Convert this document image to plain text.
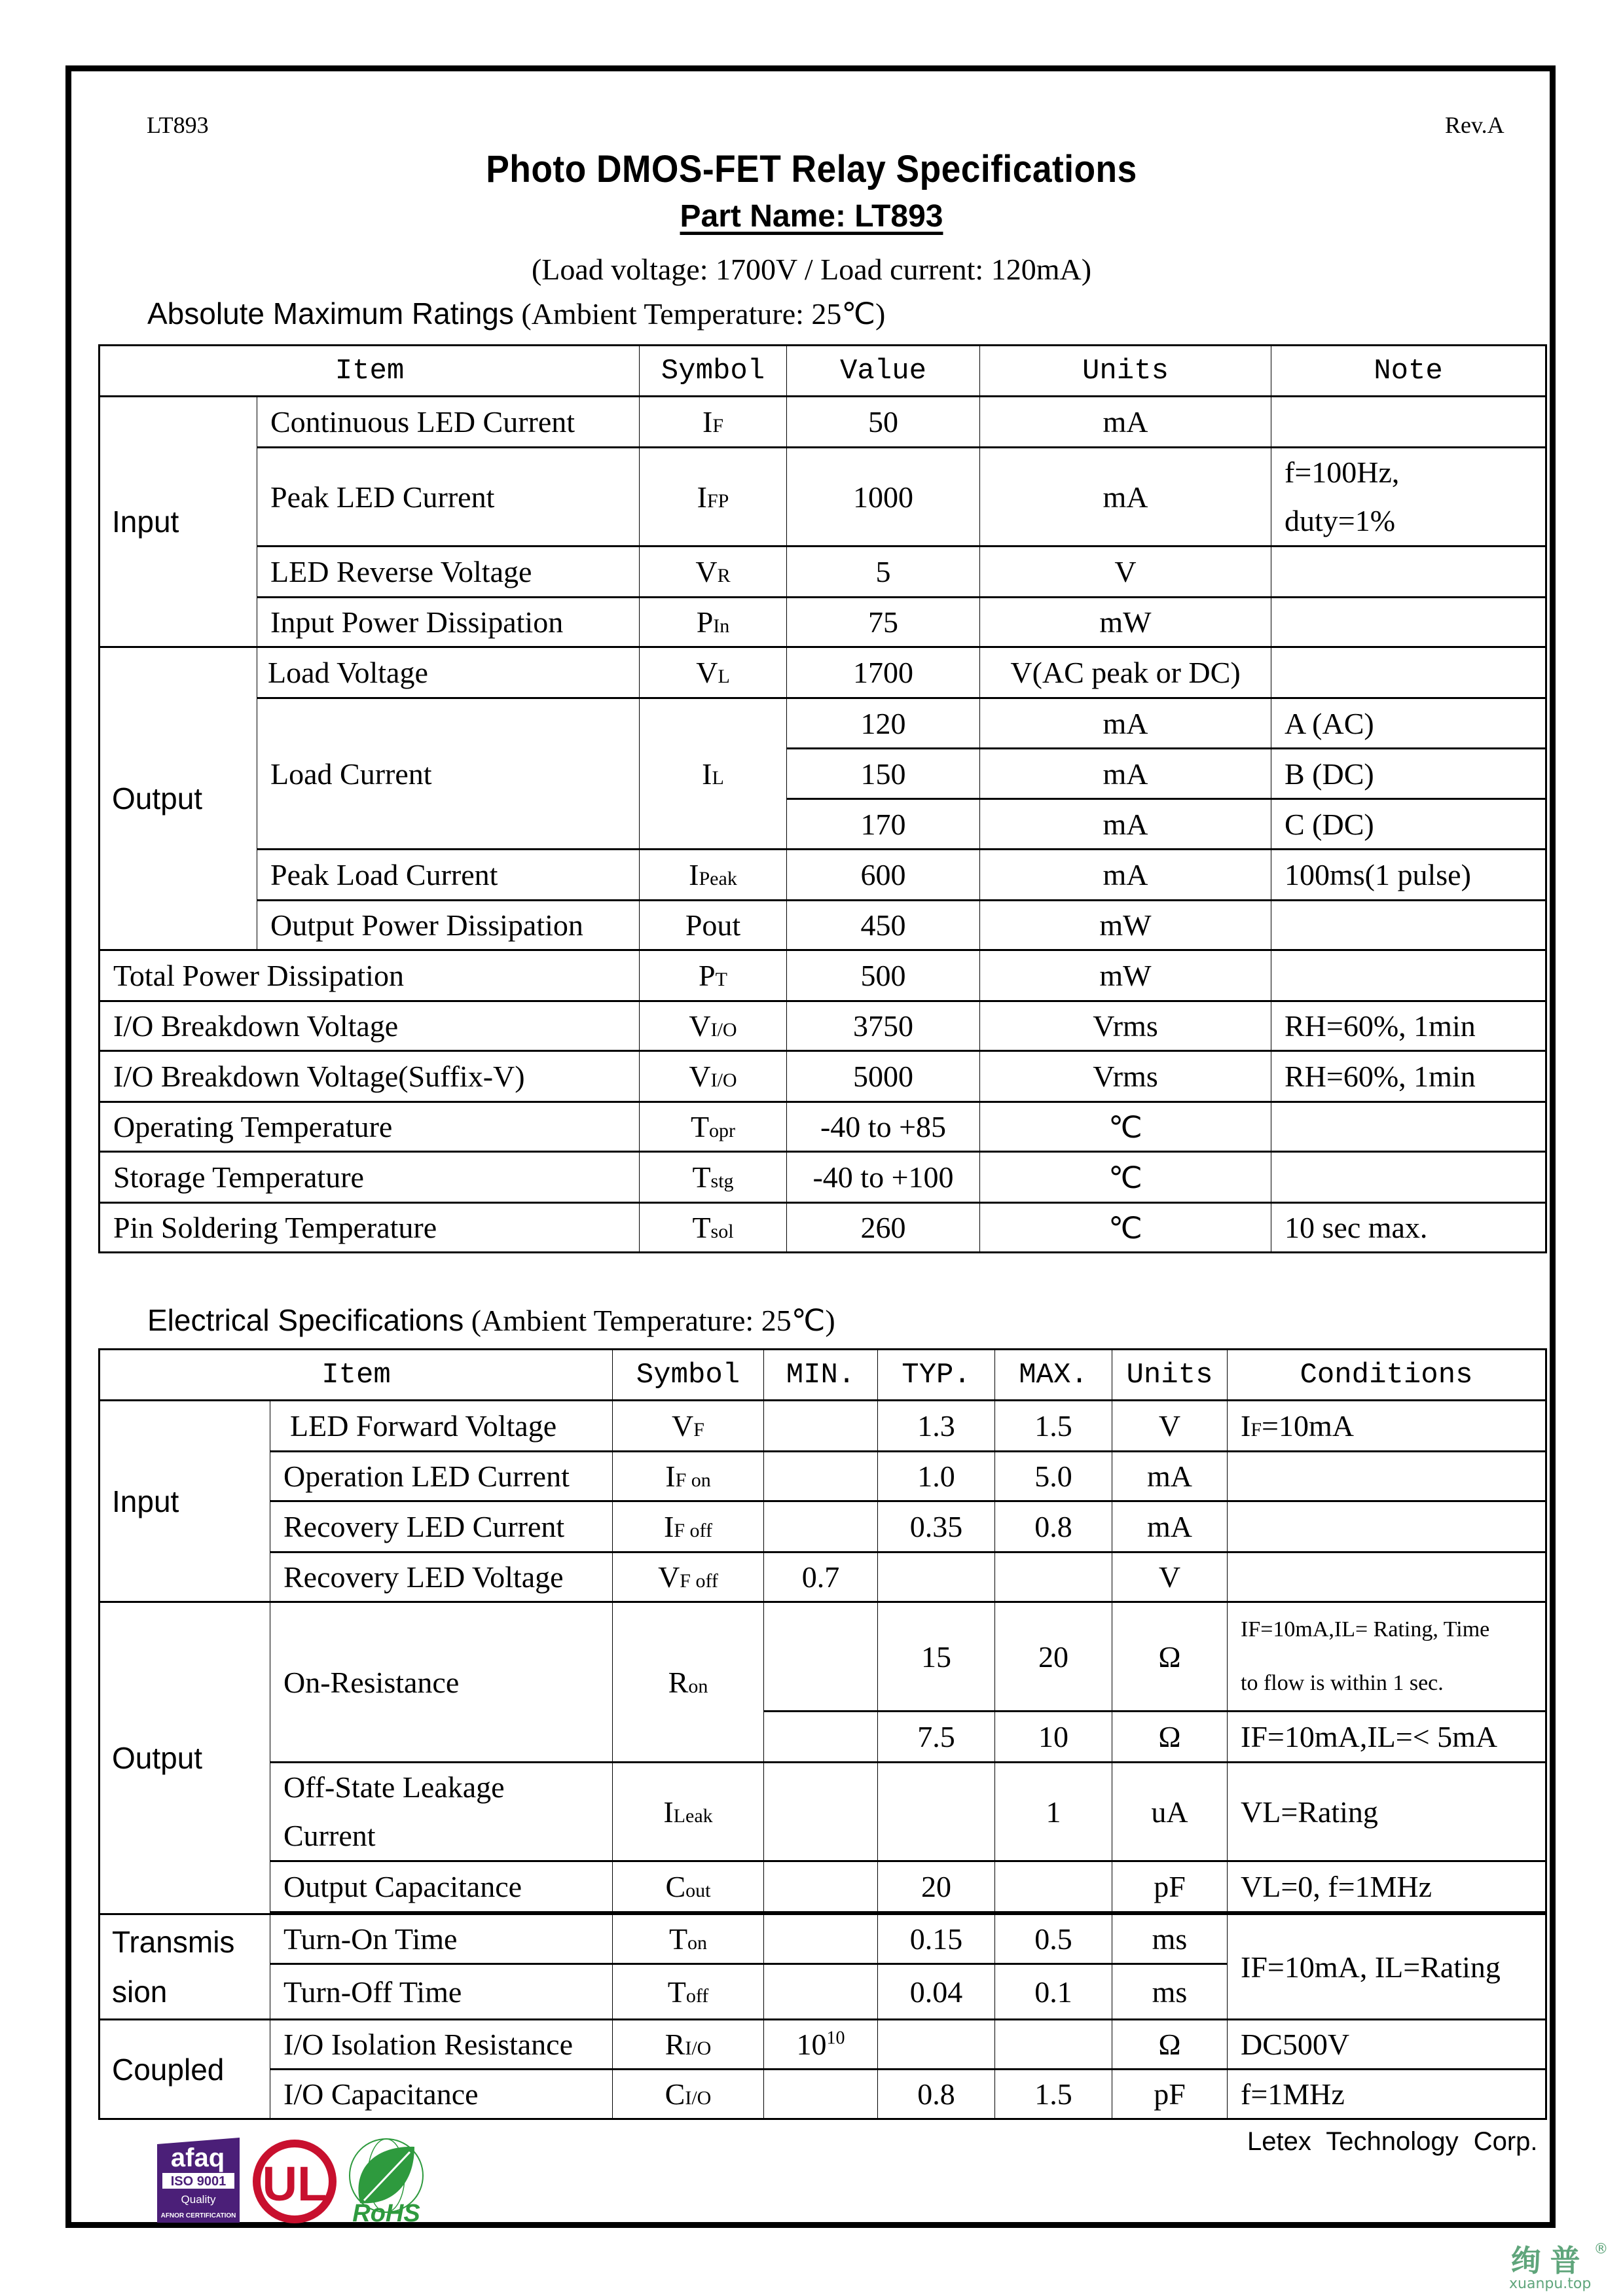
LT893	Rev.A
Photo DMOS-FET Relay Specifications
Part Name: LT893
(Load voltage: 1700V / Load current: 120mA)
Absolute Maximum Ratings (Ambient Temperature: 25℃)
Item		Symbol	Value	Units	Note
Input	Continuous LED Current	IF	50	mA	
	Peak LED Current	IFP	1000	mA	f=100Hz,
duty=1%

	LED Reverse Voltage	VR	5	V	
	Input Power Dissipation	PIn	75	mW	
Output	Load Voltage	VL	1700	V(AC peak or DC)	
	Load Current	IL	120	mA	A (AC)
			150	mA	B (DC)
			170	mA	C (DC)
	Peak Load Current	IPeak	600	mA	100ms(1 pulse)
	Output Power Dissipation	Pout	450	mW	
Total Power Dissipation		PT	500	mW	
I/O Breakdown Voltage		VI/O	3750	Vrms	RH=60%, 1min
I/O Breakdown Voltage(Suffix-V)		VI/O	5000	Vrms	RH=60%, 1min
Operating Temperature		Topr	-40 to +85	℃	
Storage Temperature		Tstg	-40 to +100	℃	
Pin Soldering Temperature		Tsol	260	℃	10 sec max.
Electrical Specifications (Ambient Temperature: 25℃)
Item		Symbol	MIN.	TYP.	MAX.	Units	Conditions
Input	LED Forward Voltage	VF		1.3	1.5	V	IF=10mA
	Operation LED Current	IF on		1.0	5.0	mA	
	Recovery LED Current	IF off		0.35	0.8	mA	
	Recovery LED Voltage	VF off	0.7			V	
Output	On-Resistance	Ron		15	20	Ω	IF=10mA,IL= Rating, Time
to flow is within 1 sec.

				7.5	10	Ω	IF=10mA,IL=< 5mA

	Off-State Leakage
Current	ILeak			1	uA	VL=Rating
	Output Capacitance	Cout		20		pF	VL=0, f=1MHz

Transmis
sion	Turn-On Time	Ton		0.15	0.5	ms	IF=10mA, IL=Rating
	Turn-Off Time	Toff		0.04	0.1	ms	
Coupled	I/O Isolation Resistance	RI/O	$10^{10}$			Ω	DC500V
	I/O Capacitance	CI/O		0.8	1.5	pF	f=1MHz
afaq
ISO 9001
Quality
AFNOR CERTIFICATION
UL
RoHS
Letex Technology Corp.
绚普 ®
xuanpu.top
